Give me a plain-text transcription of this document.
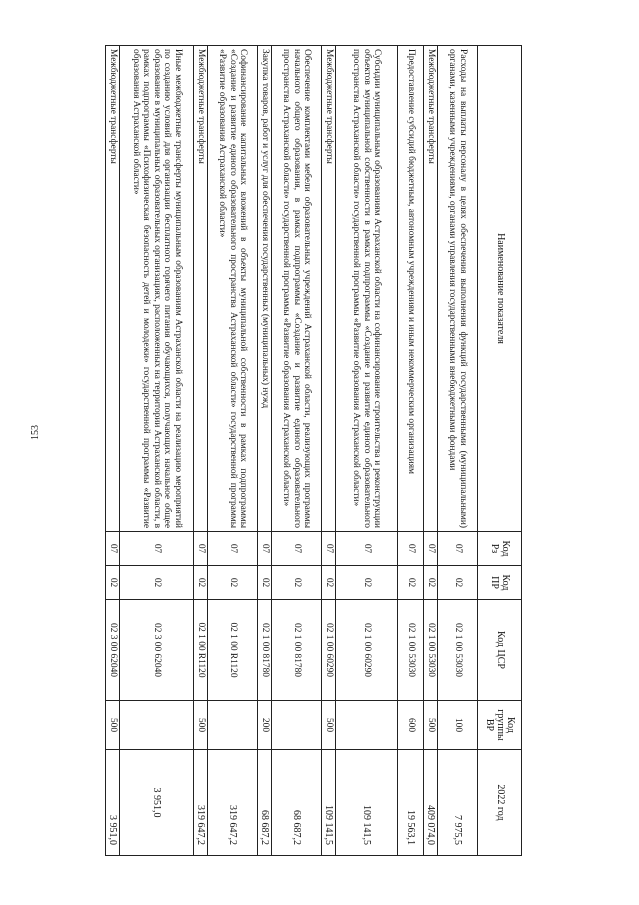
153
Наименование показателя	Код Рз	Код ПР	Код ЦСР	Код группы ВР	2022 год
Расходы на выплаты персоналу в целях обеспечения выполнения функций государственными (муниципальными) органами, казенными учреждениями, органами управления государственными внебюджетными фондами	07	02	02 1 00 53030	100	7 975,5
Межбюджетные трансферты	07	02	02 1 00 53030	500	409 074,0
Предоставление субсидий бюджетным, автономным учреждениям и иным некоммерческим организациям	07	02	02 1 00 53030	600	19 563,1
Субсидии муниципальным образованиям Астраханской области на софинансирование строительства и реконструкции объектов муниципальной собственности в рамках подпрограммы «Создание и развитие единого образовательного пространства Астраханской области» государственной программы «Развитие образования Астраханской области»	07	02	02 1 00 60290		109 141,5
Межбюджетные трансферты	07	02	02 1 00 60290	500	109 141,5
Обеспечение комплектами мебели образовательных учреждений Астраханской области, реализующих программы начального общего образования, в рамках подпрограммы «Создание и развитие единого образовательного пространства Астраханской области» государственной программы «Развитие образования Астраханской области»	07	02	02 1 00 81780		68 687,2
Закупка товаров, работ и услуг для обеспечения государственных (муниципальных) нужд	07	02	02 1 00 81780	200	68 687,2
Софинансирование капитальных вложений в объекты муниципальной собственности в рамках подпрограммы «Создание и развитие единого образовательного пространства Астраханской области» государственной программы «Развитие образования Астраханской области»	07	02	02 1 00 R1120		319 647,2
Межбюджетные трансферты	07	02	02 1 00 R1120	500	319 647,2
Иные межбюджетные трансферты муниципальным образованиям Астраханской области на реализацию мероприятий по созданию условий для организации бесплатного горячего питания обучающихся, получающих начальное общее образование в муниципальных образовательных организациях, расположенных на территории Астраханской области, в рамках подпрограммы «Психофизическая безопасность детей и молодежи» государственной программы «Развитие образования Астраханской области»	07	02	02 3 00 62040		3 951,0
Межбюджетные трансферты	07	02	02 3 00 62040	500	3 951,0
